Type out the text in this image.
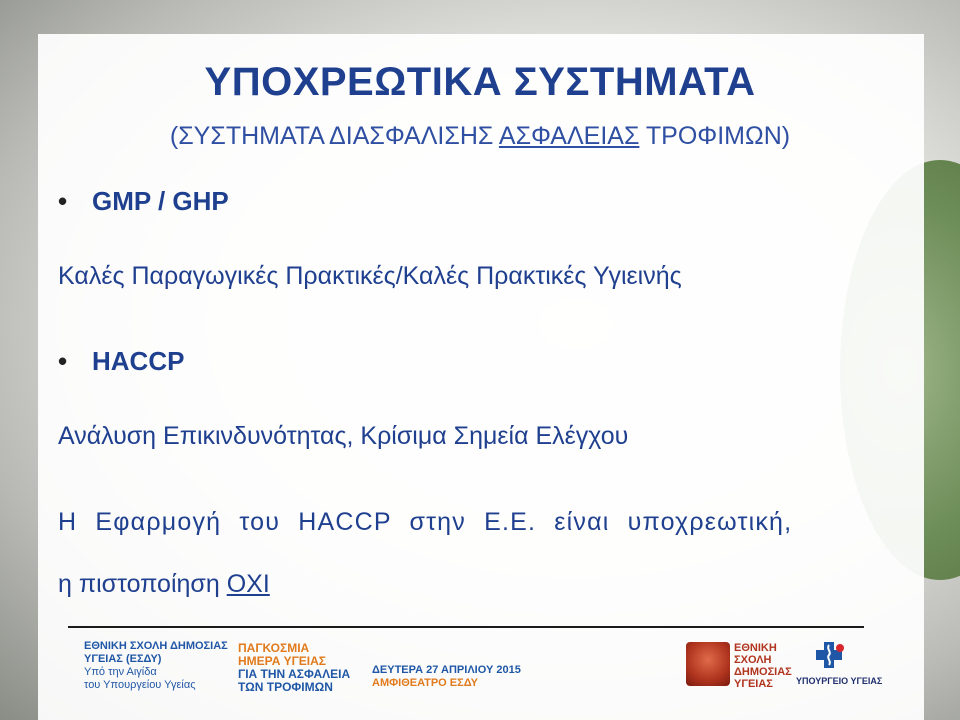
ΥΠΟΧΡΕΩΤΙΚΑ ΣΥΣΤΗΜΑΤΑ
(ΣΥΣΤΗΜΑΤΑ ΔΙΑΣΦΑΛΙΣΗΣ ΑΣΦΑΛΕΙΑΣ ΤΡΟΦΙΜΩΝ)
• GMP / GHP
Καλές Παραγωγικές Πρακτικές/Καλές Πρακτικές Υγιεινής
• HACCP
Ανάλυση Επικινδυνότητας, Κρίσιμα Σημεία Ελέγχου
Η Εφαρμογή του HACCP στην Ε.Ε. είναι υποχρεωτική,
η πιστοποίηση ΟΧΙ
ΕΘΝΙΚΗ ΣΧΟΛΗ ΔΗΜΟΣΙΑΣ
ΥΓΕΙΑΣ (ΕΣΔΥ)
Υπό την Αιγίδα
του Υπουργείου Υγείας
ΠΑΓΚΟΣΜΙΑ
ΗΜΕΡΑ ΥΓΕΙΑΣ
ΓΙΑ ΤΗΝ ΑΣΦΑΛΕΙΑ
ΤΩΝ ΤΡΟΦΙΜΩΝ
ΔΕΥΤΕΡΑ 27 ΑΠΡΙΛΙΟΥ 2015
ΑΜΦΙΘΕΑΤΡΟ ΕΣΔΥ
ΕΘΝΙΚΗ
ΣΧΟΛΗ
ΔΗΜΟΣΙΑΣ
ΥΓΕΙΑΣ	ΥΠΟΥΡΓΕΙΟ ΥΓΕΙΑΣ
